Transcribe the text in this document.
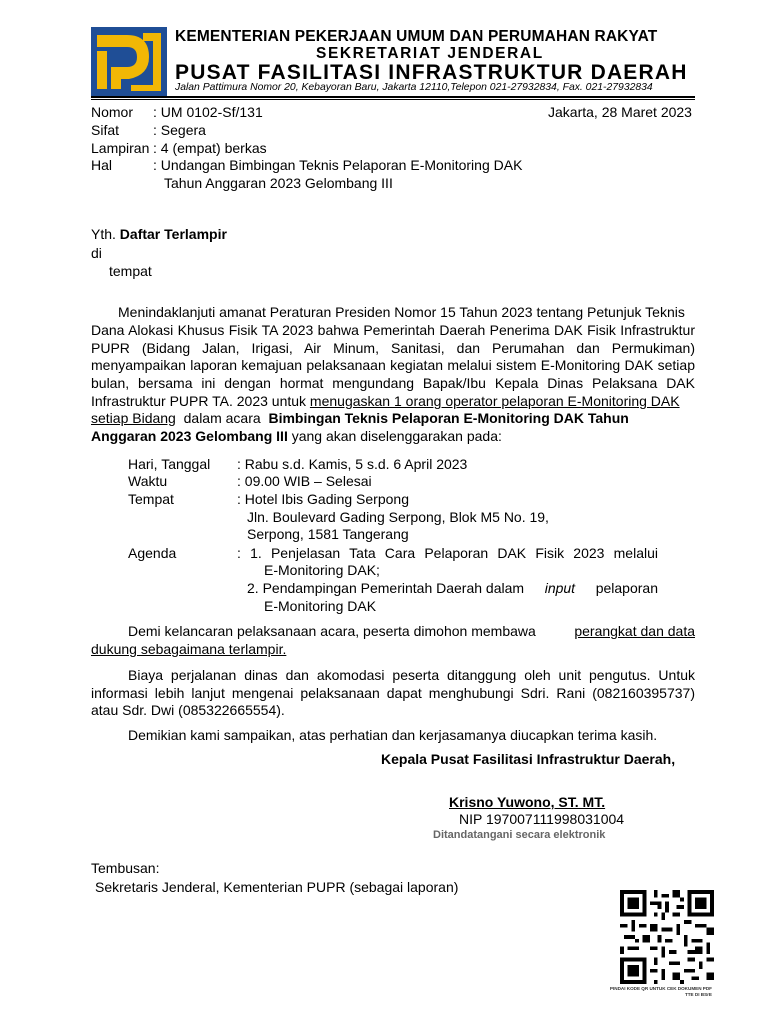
KEMENTERIAN PEKERJAAN UMUM DAN PERUMAHAN RAKYAT
SEKRETARIAT JENDERAL
PUSAT FASILITASI INFRASTRUKTUR DAERAH
Jalan Pattimura Nomor 20, Kebayoran Baru, Jakarta 12110,Telepon 021-27932834, Fax. 021-27932834
Nomor : UM 0102-Sf/131	Jakarta, 28 Maret 2023
Sifat : Segera
Lampiran : 4 (empat) berkas
Hal	: Undangan Bimbingan Teknis Pelaporan E-Monitoring DAK
Tahun Anggaran 2023 Gelombang III
Yth. Daftar Terlampir
di
tempat
Menindaklanjuti amanat Peraturan Presiden Nomor 15 Tahun 2023 tentang Petunjuk Teknis
Dana Alokasi Khusus Fisik TA 2023 bahwa Pemerintah Daerah Penerima DAK Fisik Infrastruktur
PUPR (Bidang Jalan, Irigasi, Air Minum, Sanitasi, dan Perumahan dan Permukiman)
menyampaikan laporan kemajuan pelaksanaan kegiatan melalui sistem E-Monitoring DAK setiap
bulan, bersama ini dengan hormat mengundang Bapak/Ibu Kepala Dinas Pelaksana DAK
Infrastruktur PUPR TA. 2023 untuk menugaskan 1 orang operator pelaporan E-Monitoring DAK
setiap Bidang dalam acara Bimbingan Teknis Pelaporan E-Monitoring DAK Tahun
Anggaran 2023 Gelombang III yang akan diselenggarakan pada:
Hari, Tanggal : Rabu s.d. Kamis, 5 s.d. 6 April 2023
Waktu	: 09.00 WIB – Selesai
Tempat	: Hotel Ibis Gading Serpong
Jln. Boulevard Gading Serpong, Blok M5 No. 19,
Serpong, 1581 Tangerang
Agenda	: 1. Penjelasan Tata Cara Pelaporan DAK Fisik 2023 melalui
E-Monitoring DAK;
2. Pendampingan Pemerintah Daerah dalam input pelaporan
E-Monitoring DAK
Demi kelancaran pelaksanaan acara, peserta dimohon membawa	perangkat dan data
dukung sebagaimana terlampir.
Biaya perjalanan dinas dan akomodasi peserta ditanggung oleh unit pengutus. Untuk
informasi lebih lanjut mengenai pelaksanaan dapat menghubungi Sdri. Rani (082160395737)
atau Sdr. Dwi (085322665554).
Demikian kami sampaikan, atas perhatian dan kerjasamanya diucapkan terima kasih.
Kepala Pusat Fasilitasi Infrastruktur Daerah,
Krisno Yuwono, ST. MT.
NIP 197007111998031004
Ditandatangani secara elektronik
Tembusan:
Sekretaris Jenderal, Kementerian PUPR (sebagai laporan)
PINDAI KODE QR UNTUK CEK DOKUMEN PDF TTE DI BSrE
